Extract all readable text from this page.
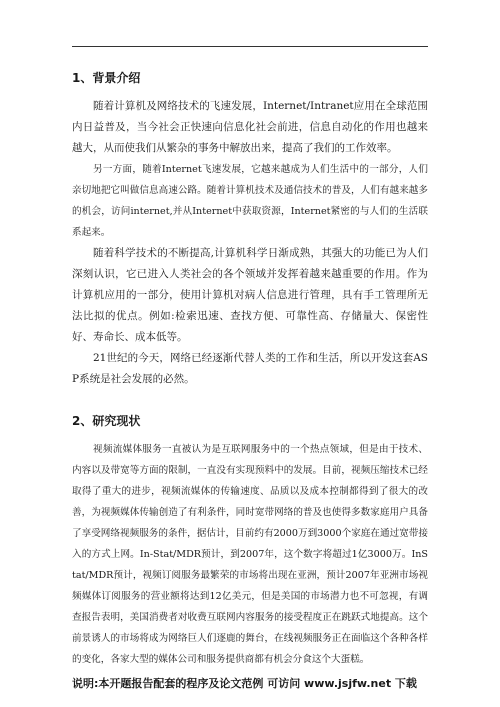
1、背景介绍

随着计算机及网络技术的飞速发展，Internet/Intranet应用在全球范围内日益普及，当今社会正快速向信息化社会前进，信息自动化的作用也越来越大，从而使我们从繁杂的事务中解放出来，提高了我们的工作效率。

另一方面，随着Internet飞速发展，它越来越成为人们生活中的一部分，人们亲切地把它叫做信息高速公路。随着计算机技术及通信技术的普及，人们有越来越多的机会，访问internet,并从Internet中获取资源，Internet紧密的与人们的生活联系起来。

随着科学技术的不断提高,计算机科学日渐成熟，其强大的功能已为人们深刻认识，它已进入人类社会的各个领域并发挥着越来越重要的作用。作为计算机应用的一部分，使用计算机对病人信息进行管理，具有手工管理所无法比拟的优点。例如:检索迅速、查找方便、可靠性高、存储量大、保密性好、寿命长、成本低等。

21世纪的今天，网络已经逐渐代替人类的工作和生活，所以开发这套ASP系统是社会发展的必然。

2、研究现状

视频流媒体服务一直被认为是互联网服务中的一个热点领域，但是由于技术、内容以及带宽等方面的限制，一直没有实现预料中的发展。目前，视频压缩技术已经取得了重大的进步，视频流媒体的传输速度、品质以及成本控制都得到了很大的改善，为视频媒体传输创造了有利条件，同时宽带网络的普及也使得多数家庭用户具备了享受网络视频服务的条件，据估计，目前约有2000万到3000个家庭在通过宽带接入的方式上网。In-Stat/MDR预计，到2007年，这个数字将超过1亿3000万。InStat/MDR预计，视频订阅服务最繁荣的市场将出现在亚洲，预计2007年亚洲市场视频媒体订阅服务的营业额将达到12亿美元，但是美国的市场潜力也不可忽视，有调查报告表明，美国消费者对收费互联网内容服务的接受程度正在跳跃式地提高。这个前景诱人的市场将成为网络巨人们逐鹿的舞台，在线视频服务正在面临这个各种各样的变化，各家大型的媒体公司和服务提供商都有机会分食这个大蛋糕。

说明:本开题报告配套的程序及论文范例 可访问 www.jsjfw.net 下载
